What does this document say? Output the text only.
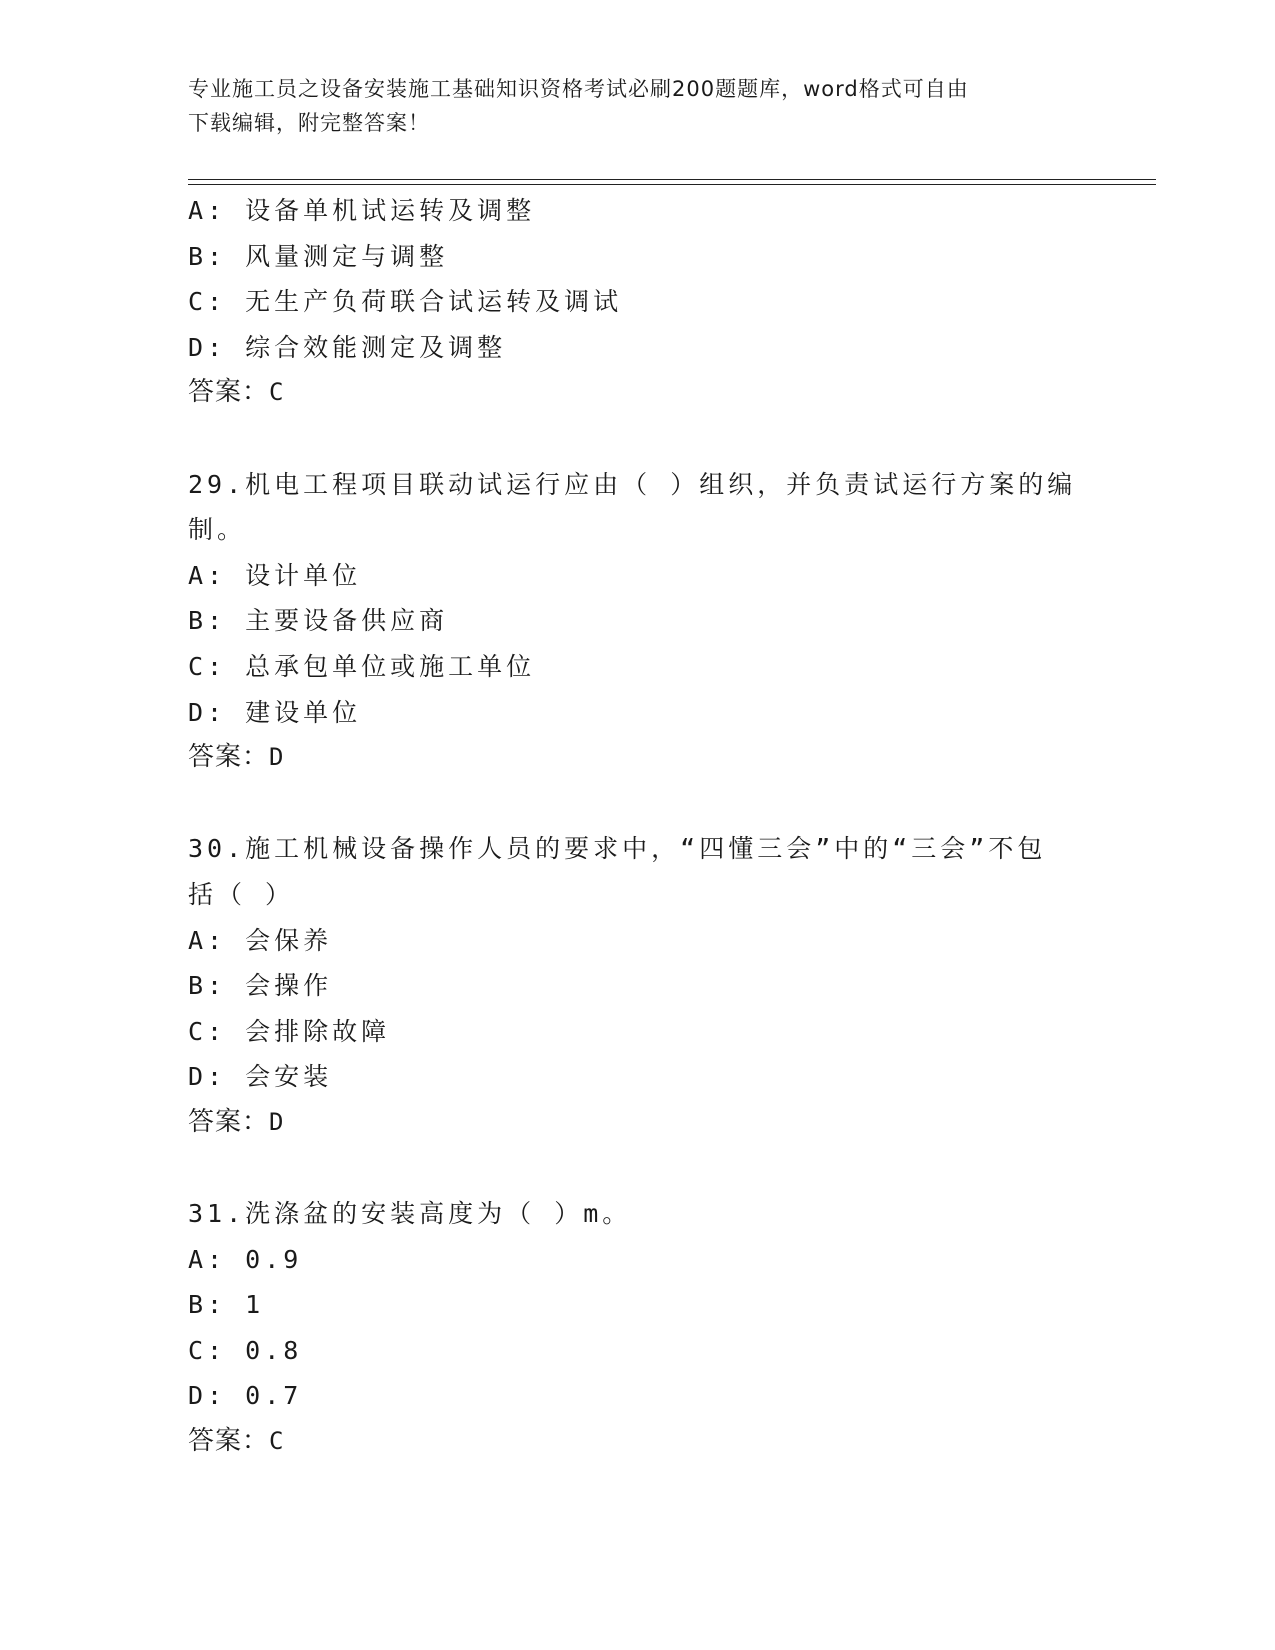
专业施工员之设备安装施工基础知识资格考试必刷200题题库，word格式可自由
下载编辑，附完整答案！
A: 设备单机试运转及调整
B: 风量测定与调整
C: 无生产负荷联合试运转及调试
D: 综合效能测定及调整
答案：C
29.机电工程项目联动试运行应由（ ）组织，并负责试运行方案的编
制。
A: 设计单位
B: 主要设备供应商
C: 总承包单位或施工单位
D: 建设单位
答案：D
30.施工机械设备操作人员的要求中，“四懂三会”中的“三会”不包
括（ ）
A: 会保养
B: 会操作
C: 会排除故障
D: 会安装
答案：D
31.洗涤盆的安装高度为（ ）m。
A: 0.9
B: 1
C: 0.8
D: 0.7
答案：C
